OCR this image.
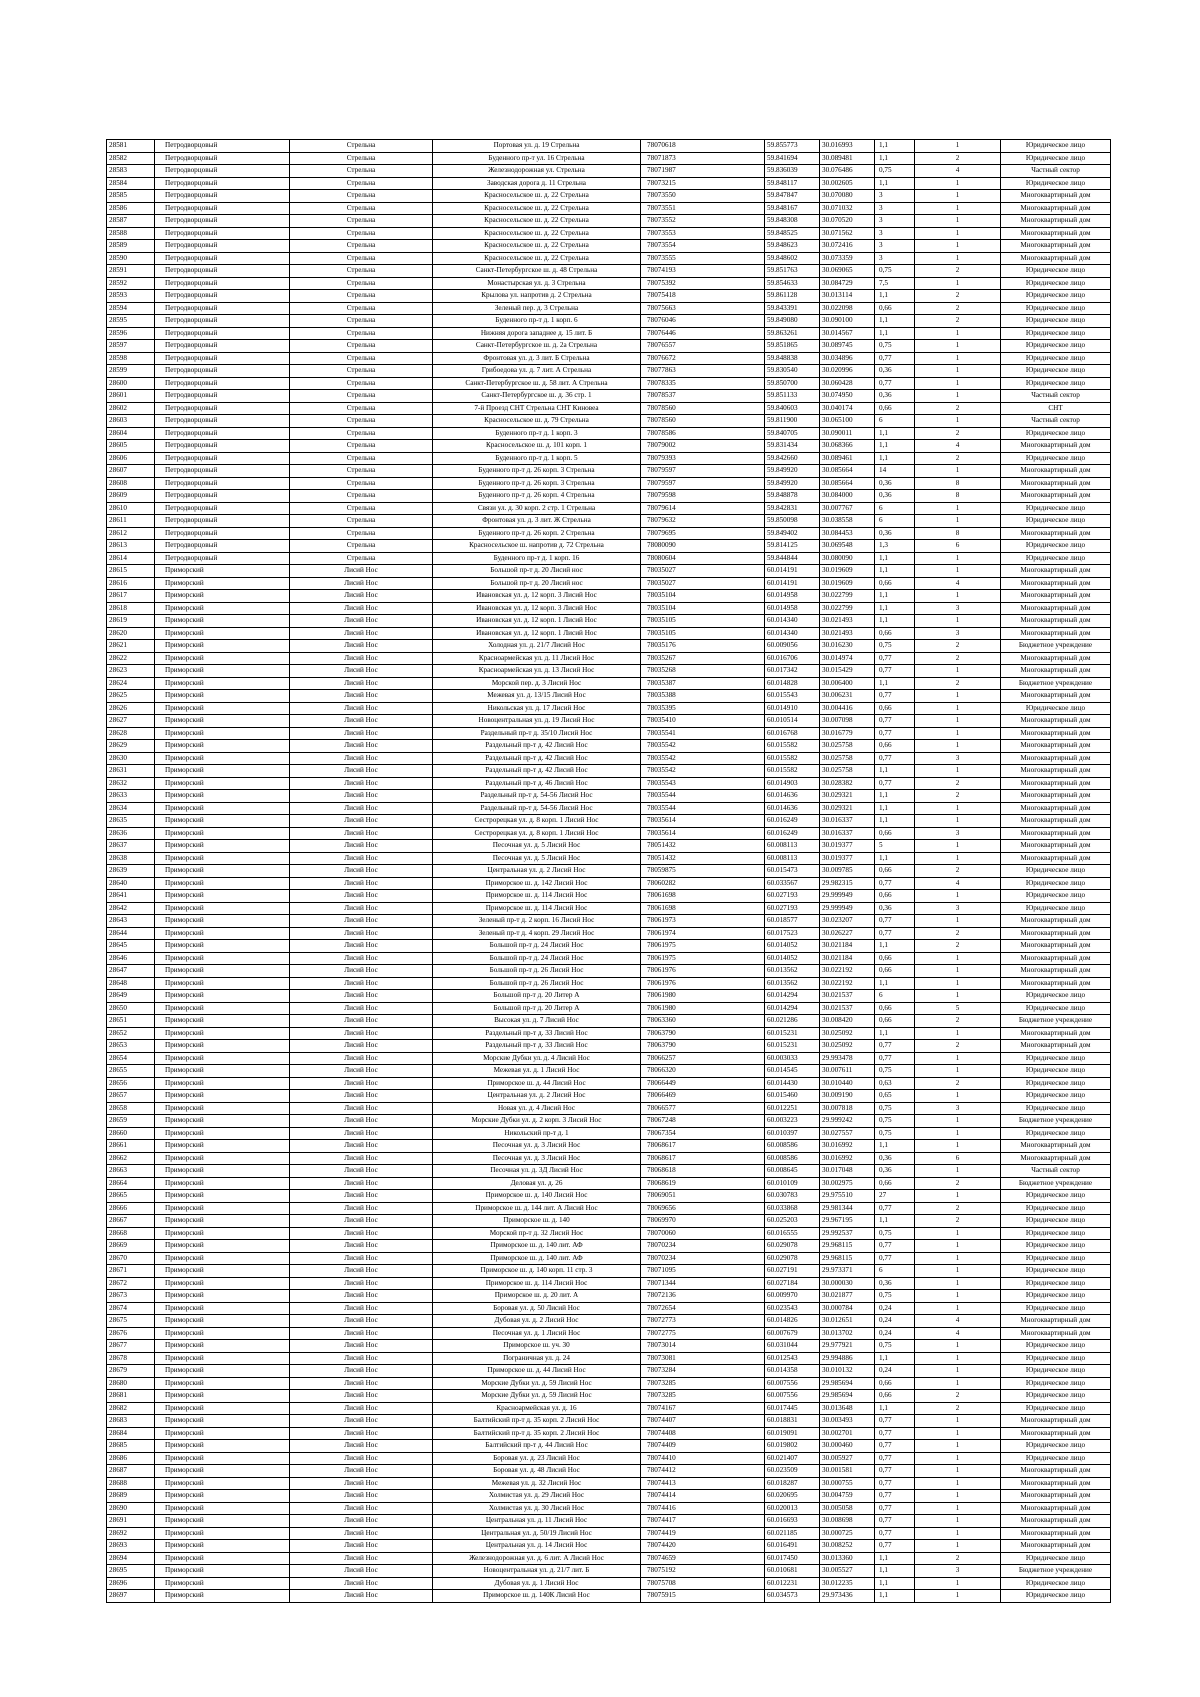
28581	Петродворцовый	Стрельна	Портовая ул. д. 19 Стрельна	78070618	59.855773	30.016993	1,1	1	Юридическое лицо
28582	Петродворцовый	Стрельна	Буденного пр-т ул. 16 Стрельна	78071873	59.841694	30.089481	1,1	2	Юридическое лицо
28583	Петродворцовый	Стрельна	Железнодорожная ул. Стрельна	78071987	59.836039	30.076486	0,75	4	Частный сектор
28584	Петродворцовый	Стрельна	Заводская дорога д. 11 Стрельна	78073215	59.848117	30.002605	1,1	1	Юридическое лицо
28585	Петродворцовый	Стрельна	Красносельское ш. д. 22 Стрельна	78073550	59.847847	30.070080	3	1	Многоквартирный дом
28586	Петродворцовый	Стрельна	Красносельское ш. д. 22 Стрельна	78073551	59.848167	30.071032	3	1	Многоквартирный дом
28587	Петродворцовый	Стрельна	Красносельское ш. д. 22 Стрельна	78073552	59.848308	30.070520	3	1	Многоквартирный дом
28588	Петродворцовый	Стрельна	Красносельское ш. д. 22 Стрельна	78073553	59.848525	30.071562	3	1	Многоквартирный дом
28589	Петродворцовый	Стрельна	Красносельское ш. д. 22 Стрельна	78073554	59.848623	30.072416	3	1	Многоквартирный дом
28590	Петродворцовый	Стрельна	Красносельское ш. д. 22 Стрельна	78073555	59.848602	30.073359	3	1	Многоквартирный дом
28591	Петродворцовый	Стрельна	Санкт-Петербургское ш. д. 48 Стрельна	78074193	59.851763	30.069065	0,75	2	Юридическое лицо
28592	Петродворцовый	Стрельна	Монастырская ул. д. 3 Стрельна	78075392	59.854633	30.084729	7,5	1	Юридическое лицо
28593	Петродворцовый	Стрельна	Крылова ул. напротив д. 2 Стрельна	78075418	59.861128	30.013114	1,1	2	Юридическое лицо
28594	Петродворцовый	Стрельна	Зеленый пер. д. 3 Стрельна	78075663	59.843391	30.022098	0,66	2	Юридическое лицо
28595	Петродворцовый	Стрельна	Буденного пр-т д. 1 корп. 6	78076046	59.849080	30.090100	1,1	2	Юридическое лицо
28596	Петродворцовый	Стрельна	Нижняя дорога западнее д. 15 лит. Б	78076446	59.863261	30.014567	1,1	1	Юридическое лицо
28597	Петродворцовый	Стрельна	Санкт-Петербургское ш. д. 2а Стрельна	78076557	59.851865	30.089745	0,75	1	Юридическое лицо
28598	Петродворцовый	Стрельна	Фронтовая ул. д. 3 лит. Б Стрельна	78076672	59.848838	30.034896	0,77	1	Юридическое лицо
28599	Петродворцовый	Стрельна	Грибоедова ул. д. 7 лит. А Стрельна	78077863	59.830540	30.020996	0,36	1	Юридическое лицо
28600	Петродворцовый	Стрельна	Санкт-Петербургское ш. д. 58 лит. А Стрельна	78078335	59.850700	30.060428	0,77	1	Юридическое лицо
28601	Петродворцовый	Стрельна	Санкт-Петербургское ш. д. 36 стр. 1	78078537	59.851133	30.074950	0,36	1	Частный сектор
28602	Петродворцовый	Стрельна	7-й Проезд СНТ Стрельна СНТ Киновеа	78078560	59.840603	30.040174	0,66	2	СНТ
28603	Петродворцовый	Стрельна	Красносельское ш. д. 79 Стрельна	78078560	59.811900	30.065100	6	1	Частный сектор
28604	Петродворцовый	Стрельна	Буденного пр-т д. 1 корп. 3	78078586	59.840705	30.090011	1,1	2	Юридическое лицо
28605	Петродворцовый	Стрельна	Красносельское ш. д. 101 корп. 1	78079002	59.831434	30.068366	1,1	4	Многоквартирный дом
28606	Петродворцовый	Стрельна	Буденного пр-т д. 1 корп. 5	78079393	59.842660	30.089461	1,1	2	Юридическое лицо
28607	Петродворцовый	Стрельна	Буденного пр-т д. 26 корп. 3 Стрельна	78079597	59.849920	30.085664	14	1	Многоквартирный дом
28608	Петродворцовый	Стрельна	Буденного пр-т д. 26 корп. 3 Стрельна	78079597	59.849920	30.085664	0,36	8	Многоквартирный дом
28609	Петродворцовый	Стрельна	Буденного пр-т д. 26 корп. 4 Стрельна	78079598	59.848878	30.084000	0,36	8	Многоквартирный дом
28610	Петродворцовый	Стрельна	Связи ул. д. 30 корп. 2 стр. 1 Стрельна	78079614	59.842831	30.007767	6	1	Юридическое лицо
28611	Петродворцовый	Стрельна	Фронтовая ул. д. 3 лит. Ж Стрельна	78079632	59.850098	30.038558	6	1	Юридическое лицо
28612	Петродворцовый	Стрельна	Буденного пр-т д. 26 корп. 2 Стрельна	78079695	59.849402	30.084453	0,36	8	Многоквартирный дом
28613	Петродворцовый	Стрельна	Красносельское ш. напротив д. 72 Стрельна	78080090	59.814125	30.069548	1,3	6	Юридическое лицо
28614	Петродворцовый	Стрельна	Буденного пр-т д. 1 корп. 16	78080604	59.844844	30.080090	1,1	1	Юридическое лицо
28615	Приморский	Лисий Нос	Большой пр-т д. 20 Лисий нос	78035027	60.014191	30.019609	1,1	1	Многоквартирный дом
28616	Приморский	Лисий Нос	Большой пр-т д. 20 Лисий нос	78035027	60.014191	30.019609	0,66	4	Многоквартирный дом
28617	Приморский	Лисий Нос	Ивановская ул. д. 12 корп. 3 Лисий Нос	78035104	60.014958	30.022799	1,1	1	Многоквартирный дом
28618	Приморский	Лисий Нос	Ивановская ул. д. 12 корп. 3 Лисий Нос	78035104	60.014958	30.022799	1,1	3	Многоквартирный дом
28619	Приморский	Лисий Нос	Ивановская ул. д. 12 корп. 1 Лисий Нос	78035105	60.014340	30.021493	1,1	1	Многоквартирный дом
28620	Приморский	Лисий Нос	Ивановская ул. д. 12 корп. 1 Лисий Нос	78035105	60.014340	30.021493	0,66	3	Многоквартирный дом
28621	Приморский	Лисий Нос	Холодная ул. д. 21/7 Лисий Нос	78035176	60.009056	30.016230	0,75	2	Бюджетное учреждение
28622	Приморский	Лисий Нос	Красноармейская ул. д. 11 Лисий Нос	78035267	60.016706	30.014974	0,77	2	Многоквартирный дом
28623	Приморский	Лисий Нос	Красноармейская ул. д. 13 Лисий Нос	78035268	60.017342	30.015429	0,77	1	Многоквартирный дом
28624	Приморский	Лисий Нос	Морской пер. д. 3 Лисий Нос	78035387	60.014828	30.006400	1,1	2	Бюджетное учреждение
28625	Приморский	Лисий Нос	Межевая ул. д. 13/15 Лисий Нос	78035388	60.015543	30.006231	0,77	1	Многоквартирный дом
28626	Приморский	Лисий Нос	Никольская ул. д. 17 Лисий Нос	78035395	60.014910	30.004416	0,66	1	Юридическое лицо
28627	Приморский	Лисий Нос	Новоцентральная ул. д. 19 Лисий Нос	78035410	60.010514	30.007098	0,77	1	Многоквартирный дом
28628	Приморский	Лисий Нос	Раздельный пр-т д. 35/10 Лисий Нос	78035541	60.016768	30.016779	0,77	1	Многоквартирный дом
28629	Приморский	Лисий Нос	Раздельный пр-т д. 42 Лисий Нос	78035542	60.015582	30.025758	0,66	1	Многоквартирный дом
28630	Приморский	Лисий Нос	Раздельный пр-т д. 42 Лисий Нос	78035542	60.015582	30.025758	0,77	3	Многоквартирный дом
28631	Приморский	Лисий Нос	Раздельный пр-т д. 42 Лисий Нос	78035542	60.015582	30.025758	1,1	1	Многоквартирный дом
28632	Приморский	Лисий Нос	Раздельный пр-т д. 46 Лисий Нос	78035543	60.014903	30.028382	0,77	2	Многоквартирный дом
28633	Приморский	Лисий Нос	Раздельный пр-т д. 54-56 Лисий Нос	78035544	60.014636	30.029321	1,1	2	Многоквартирный дом
28634	Приморский	Лисий Нос	Раздельный пр-т д. 54-56 Лисий Нос	78035544	60.014636	30.029321	1,1	1	Многоквартирный дом
28635	Приморский	Лисий Нос	Сестрорецкая ул. д. 8 корп. 1 Лисий Нос	78035614	60.016249	30.016337	1,1	1	Многоквартирный дом
28636	Приморский	Лисий Нос	Сестрорецкая ул. д. 8 корп. 1 Лисий Нос	78035614	60.016249	30.016337	0,66	3	Многоквартирный дом
28637	Приморский	Лисий Нос	Песочная ул. д. 5 Лисий Нос	78051432	60.008113	30.019377	5	1	Многоквартирный дом
28638	Приморский	Лисий Нос	Песочная ул. д. 5 Лисий Нос	78051432	60.008113	30.019377	1,1	1	Многоквартирный дом
28639	Приморский	Лисий Нос	Центральная ул. д. 2 Лисий Нос	78059875	60.015473	30.009785	0,66	2	Юридическое лицо
28640	Приморский	Лисий Нос	Приморское ш. д. 142 Лисий Нос	78060282	60.033567	29.982315	0,77	4	Юридическое лицо
28641	Приморский	Лисий Нос	Приморское ш. д. 114 Лисий Нос	78061698	60.027193	29.999949	0,66	1	Юридическое лицо
28642	Приморский	Лисий Нос	Приморское ш. д. 114 Лисий Нос	78061698	60.027193	29.999949	0,36	3	Юридическое лицо
28643	Приморский	Лисий Нос	Зеленый пр-т д. 2 корп. 16 Лисий Нос	78061973	60.018577	30.023207	0,77	1	Многоквартирный дом
28644	Приморский	Лисий Нос	Зеленый пр-т д. 4 корп. 29 Лисий Нос	78061974	60.017523	30.026227	0,77	2	Многоквартирный дом
28645	Приморский	Лисий Нос	Большой пр-т д. 24 Лисий Нос	78061975	60.014052	30.021184	1,1	2	Многоквартирный дом
28646	Приморский	Лисий Нос	Большой пр-т д. 24 Лисий Нос	78061975	60.014052	30.021184	0,66	1	Многоквартирный дом
28647	Приморский	Лисий Нос	Большой пр-т д. 26 Лисий Нос	78061976	60.013562	30.022192	0,66	1	Многоквартирный дом
28648	Приморский	Лисий Нос	Большой пр-т д. 26 Лисий Нос	78061976	60.013562	30.022192	1,1	1	Многоквартирный дом
28649	Приморский	Лисий Нос	Большой пр-т д. 20 Литер А	78061980	60.014294	30.021537	6	1	Юридическое лицо
28650	Приморский	Лисий Нос	Большой пр-т д. 20 Литер А	78061980	60.014294	30.021537	0,66	5	Юридическое лицо
28651	Приморский	Лисий Нос	Высокая ул. д. 7 Лисий Нос	78063360	60.021286	30.008420	0,66	2	Бюджетное учреждение
28652	Приморский	Лисий Нос	Раздельный пр-т д. 33 Лисий Нос	78063790	60.015231	30.025092	1,1	1	Многоквартирный дом
28653	Приморский	Лисий Нос	Раздельный пр-т д. 33 Лисий Нос	78063790	60.015231	30.025092	0,77	2	Многоквартирный дом
28654	Приморский	Лисий Нос	Морские Дубки ул. д. 4 Лисий Нос	78066257	60.003033	29.993478	0,77	1	Юридическое лицо
28655	Приморский	Лисий Нос	Межевая ул. д. 1 Лисий Нос	78066320	60.014545	30.007611	0,75	1	Юридическое лицо
28656	Приморский	Лисий Нос	Приморское ш. д. 44 Лисий Нос	78066449	60.014430	30.010440	0,63	2	Юридическое лицо
28657	Приморский	Лисий Нос	Центральная ул. д. 2 Лисий Нос	78066469	60.015460	30.009190	0,65	1	Юридическое лицо
28658	Приморский	Лисий Нос	Новая ул. д. 4 Лисий Нос	78066577	60.012251	30.007818	0,75	3	Юридическое лицо
28659	Приморский	Лисий Нос	Морские Дубки ул. д. 2 корп. 3 Лисий Нос	78067248	60.003223	29.999242	0,75	1	Бюджетное учреждение
28660	Приморский	Лисий Нос	Никольский пр-т д. 1	78067354	60.010397	30.027557	0,75	1	Юридическое лицо
28661	Приморский	Лисий Нос	Песочная ул. д. 3 Лисий Нос	78068617	60.008586	30.016992	1,1	1	Многоквартирный дом
28662	Приморский	Лисий Нос	Песочная ул. д. 3 Лисий Нос	78068617	60.008586	30.016992	0,36	6	Многоквартирный дом
28663	Приморский	Лисий Нос	Песочная ул. д. 3Д Лисий Нос	78068618	60.008645	30.017048	0,36	1	Частный сектор
28664	Приморский	Лисий Нос	Деловая ул. д. 26	78068619	60.010109	30.002975	0,66	2	Бюджетное учреждение
28665	Приморский	Лисий Нос	Приморское ш. д. 140 Лисий Нос	78069051	60.030783	29.975510	27	1	Юридическое лицо
28666	Приморский	Лисий Нос	Приморское ш. д. 144 лит. А Лисий Нос	78069656	60.033868	29.981344	0,77	2	Юридическое лицо
28667	Приморский	Лисий Нос	Приморское ш. д. 140	78069970	60.025203	29.967195	1,1	2	Юридическое лицо
28668	Приморский	Лисий Нос	Морской пр-т д. 32 Лисий Нос	78070060	60.016555	29.992537	0,75	1	Юридическое лицо
28669	Приморский	Лисий Нос	Приморское ш. д. 140 лит. АФ	78070234	60.029078	29.968115	0,77	1	Юридическое лицо
28670	Приморский	Лисий Нос	Приморское ш. д. 140 лит. АФ	78070234	60.029078	29.968115	0,77	1	Юридическое лицо
28671	Приморский	Лисий Нос	Приморское ш. д. 140 корп. 11 стр. 3	78071095	60.027191	29.973371	6	1	Юридическое лицо
28672	Приморский	Лисий Нос	Приморское ш. д. 114 Лисий Нос	78071344	60.027184	30.000030	0,36	1	Юридическое лицо
28673	Приморский	Лисий Нос	Приморское ш. д. 20 лит. А	78072136	60.009970	30.021877	0,75	1	Юридическое лицо
28674	Приморский	Лисий Нос	Боровая ул. д. 50 Лисий Нос	78072654	60.023543	30.000784	0,24	1	Юридическое лицо
28675	Приморский	Лисий Нос	Дубовая ул. д. 2 Лисий Нос	78072773	60.014826	30.012651	0,24	4	Многоквартирный дом
28676	Приморский	Лисий Нос	Песочная ул. д. 1 Лисий Нос	78072775	60.007679	30.013702	0,24	4	Многоквартирный дом
28677	Приморский	Лисий Нос	Приморское ш. уч. 30	78073014	60.031044	29.977921	0,75	1	Юридическое лицо
28678	Приморский	Лисий Нос	Пограничная ул. д. 24	78073081	60.012543	29.994886	1,1	1	Юридическое лицо
28679	Приморский	Лисий Нос	Приморское ш. д. 44 Лисий Нос	78073284	60.014358	30.010132	0,24	1	Юридическое лицо
28680	Приморский	Лисий Нос	Морские Дубки ул. д. 59 Лисий Нос	78073285	60.007556	29.985694	0,66	1	Юридическое лицо
28681	Приморский	Лисий Нос	Морские Дубки ул. д. 59 Лисий Нос	78073285	60.007556	29.985694	0,66	2	Юридическое лицо
28682	Приморский	Лисий Нос	Красноармейская ул. д. 16	78074167	60.017445	30.013648	1,1	2	Юридическое лицо
28683	Приморский	Лисий Нос	Балтийский пр-т д. 35 корп. 2 Лисий Нос	78074407	60.018831	30.003493	0,77	1	Многоквартирный дом
28684	Приморский	Лисий Нос	Балтийский пр-т д. 35 корп. 2 Лисий Нос	78074408	60.019091	30.002701	0,77	1	Многоквартирный дом
28685	Приморский	Лисий Нос	Балтийский пр-т д. 44 Лисий Нос	78074409	60.019802	30.000460	0,77	1	Юридическое лицо
28686	Приморский	Лисий Нос	Боровая ул. д. 23 Лисий Нос	78074410	60.021407	30.005927	0,77	1	Юридическое лицо
28687	Приморский	Лисий Нос	Боровая ул. д. 48 Лисий Нос	78074412	60.023509	30.001581	0,77	1	Многоквартирный дом
28688	Приморский	Лисий Нос	Межевая ул. д. 32 Лисий Нос	78074413	60.018287	30.000755	0,77	1	Многоквартирный дом
28689	Приморский	Лисий Нос	Холмистая ул. д. 29 Лисий Нос	78074414	60.020695	30.004759	0,77	1	Многоквартирный дом
28690	Приморский	Лисий Нос	Холмистая ул. д. 30 Лисий Нос	78074416	60.020013	30.005058	0,77	1	Многоквартирный дом
28691	Приморский	Лисий Нос	Центральная ул. д. 11 Лисий Нос	78074417	60.016693	30.008698	0,77	1	Многоквартирный дом
28692	Приморский	Лисий Нос	Центральная ул. д. 50/19 Лисий Нос	78074419	60.021185	30.000725	0,77	1	Многоквартирный дом
28693	Приморский	Лисий Нос	Центральная ул. д. 14 Лисий Нос	78074420	60.016491	30.008252	0,77	1	Многоквартирный дом
28694	Приморский	Лисий Нос	Железнодорожная ул. д. 6 лит. А Лисий Нос	78074659	60.017450	30.013360	1,1	2	Юридическое лицо
28695	Приморский	Лисий Нос	Новоцентральная ул. д. 21/7 лит. Б	78075192	60.010681	30.005527	1,1	3	Бюджетное учреждение
28696	Приморский	Лисий Нос	Дубовая ул. д. 1 Лисий Нос	78075708	60.012231	30.012235	1,1	1	Юридическое лицо
28697	Приморский	Лисий Нос	Приморское ш. д. 140К Лисий Нос	78075915	60.034573	29.973436	1,1	1	Юридическое лицо
